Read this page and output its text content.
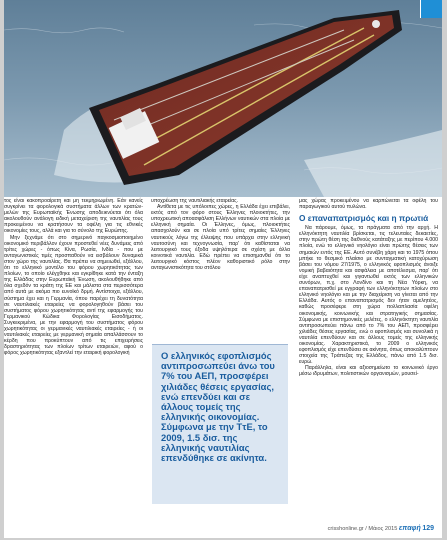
τος είναι κακοπροαίρετη και μη τεκμηριωμένη. Εάν κανείς συγκρίνει τα φορολογικά συστήματα άλλων των κρατών-μελών της Ευρωπαϊκής Ένωσης αποδεικνύεται ότι όλα ακολουθούν ανάλογη ειδική μεταχείριση της ναυτιλίας τους προκειμένου να κρατήσουν τα οφέλη για τις εθνικές οικονομίες τους, αλλά και για το σύνολο της Ευρώπης.

Μην ξεχνάμε ότι στο σημερινό παγκοσμιοποιημένο οικονομικό περιβάλλον έχουν προστεθεί νέες δυνάμεις από τρίτες χώρες - όπως Κίνα, Ρωσία, Ινδία - που με ανταγωνιστικές τιμές προσπαθούν να εισβάλουν δυναμικά στον χώρο της ναυτιλίας. Θα πρέπει να σημειωθεί, εξάλλου, ότι το ελληνικό μοντέλο του φόρου χωρητικότητας των πλοίων, το οποίο ελέγχθηκε και εγκρίθηκε κατά την ένταξη της Ελλάδας στην Ευρωπαϊκή Ένωση, ακολουθήθηκε από όλα σχεδόν τα κράτη της ΕΕ και μάλιστα στα περισσότερα από αυτά με ακόμα πιο ευνοϊκό δρμή. Αντίστοιχα, εξάλλου, σύστημα έχει και η Γερμανία, όπου παρέχει τη δυνατότητα σε ναυτιλιακές εταιρείες να φορολογηθούν βάσει του συστήματος φόρου χωρητικότητας αντί της εφαρμογής του Γερμανικού Κώδικα Φορολογίας Εισοδήματος. Συγκεκριμένα, με την εφαρμογή του συστήματος φόρου χωρητικότητας οι γερμανικές ναυτιλιακές εταιρείες - ή οι ναυτιλιακές εταιρείες με γερμανική σημαία απαλλάσσουν το κέρδη που προκύπτουν από τις επιχειρήσεις δραστηριότητας των πλοίων τρίτων εταιρειών, αφού ο φόρος χωρητικότητας εξαντλεί την εταιρική φορολογική

υποχρέωση της ναυτιλιακής εταιρείας.

Αντίθετα με τις υπόλοιπες χώρες, η Ελλάδα έχει επιβάλει, εκτός από τον φόρο στους Έλληνες πλοιοκτήτες, την υποχρεωτική αποασφάλιση Ελλήνων ναυτικών στα πλοία με ελληνική σημαία. Οι Έλληνες, όμως, πλοιοκτήτες απασχολούν και σε πλοία υπό τρίτες σημαίες Έλληνες ναυτικούς λόγω της έλλειψης που υπάρχει στην ελληνική ναυτοσύνη και τεχνογνωσία, παρ' ότι καθίσταται να λειτουργικό τους έξοδα υψηλότερα σε σχέση με άλλα κοινοτικά ναυτιλία. Εδώ πρέπει να επισημανθεί ότι το λειτουργικό κόστος πλέον καθοριστικό ρόλο στην ανταγωνιστικότητα του στόλου

Ο ελληνικός εφοπλισμός αντιπροσωπεύει άνω του 7% του ΑΕΠ, προσφέρει χιλιάδες θέσεις εργασίας, ενώ επενδύει και σε άλλους τομείς της ελληνικής οικονομίας. Σύμφωνα με την ΤτΕ, το 2009, 1.5 δισ. της ελληνικής ναυτιλίας επενδύθηκε σε ακίνητα.

μας χώρας προκειμένου να καρπώνεται τα οφέλη του παραγωγικού αυτού πυλώνα.

Ο επαναπατρισμός και η πρωτιά

Να πάρουμε, όμως, τα πράγματα από την αρχή. Η ελληνόκτητη ναυτιλία βρίσκεται, τις τελευταίες δεκαετίες, στην πρώτη θέση της διεθνούς κατάταξης με περίπου 4.000 πλοία, ενώ το ελληνικό νηολόγιο είναι πρώτης θέσεις των σημαιών εντός της ΕΕ. Αυτό συνέβη χάρη και το 1975 όπου μπήκε το θεσμικό πλαίσιο με συνταγματική κατοχύρωση βάσει του νόμου 27/1975, ο ελληνικός εφοπλισμός άνοιξε νομική βαβαιότητα και ασφάλεια με αποτέλεσμα, παρ' ότι είχε αναπτυχθεί και γιγαντωθεί εκτός των ελληνικών συνόρων, π.χ. στο Λονδίνο και τη Νέα Υόρκη, να επαναπατρισθεί με εγγραφή των ελληνόκτητων πλοίων στο ελληνικό νηολόγιο και με την διαχείριση να γίνεται από την Ελλάδα. Αυτός ο επαναπατρισμός δεν ήταν αμελητέος, καθώς προσέφερε στη χώρα πολλαπλασία οφέλη οικονομικής, κοινωνικής και στρατηγικής σημασίας. Σύμφωνα με επιστημονικές μελέτες, ο ελληνόκτητη ναυτιλία αντιπροσωπεύει πάνω από το 7% του ΑΕΠ, προσφέρει χιλιάδες θέσεις εργασίας, ενώ ο εφοπλισμός και συνολικά η ναυτιλία επενδύουν και σε άλλους τομείς της ελληνικής οικονομίας. Χαρακτηριστικά, το 2009 ο ελληνικός εφοπλισμός είχε επενδύσει σε ακίνητα, όπως αποκαλύπτουν στοιχεία της Τράπεζας της Ελλάδος, πάνω από 1.5 δισ. ευρώ.

Παράλληλα, είναι και αξιοσημείωτο το κοινωνικό έργο μέσω ιδρυμάτων, πολιτιστικών οργανισμών, μουσεί-

crisshonline.gr / Μάιος 2015 επαφή 129
